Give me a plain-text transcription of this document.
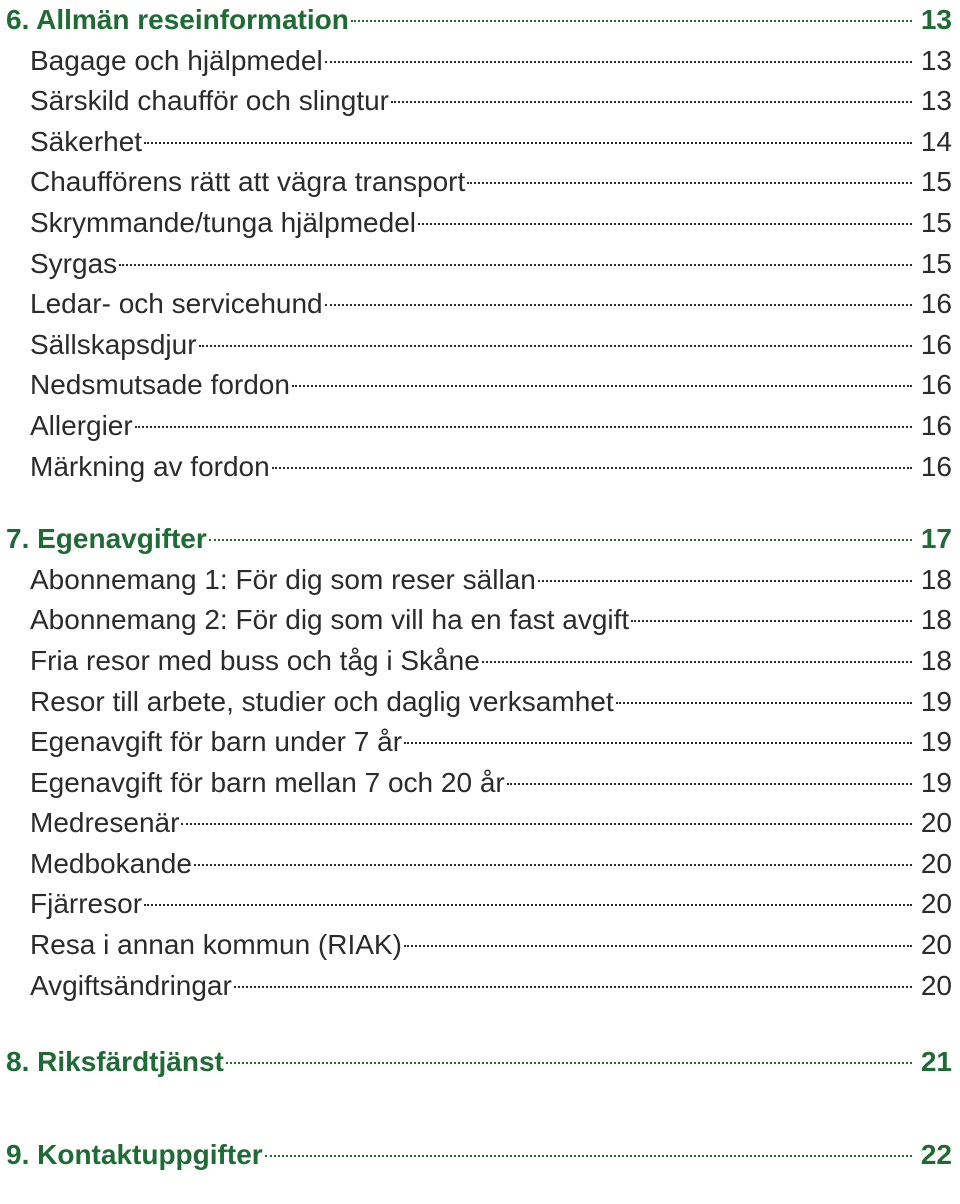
6. Allmän reseinformation	13
Bagage och hjälpmedel	13
Särskild chaufför och slingtur	13
Säkerhet	14
Chaufförens rätt att vägra transport	15
Skrymmande/tunga hjälpmedel	15
Syrgas	15
Ledar- och servicehund	16
Sällskapsdjur	16
Nedsmutsade fordon	16
Allergier	16
Märkning av fordon	16
7. Egenavgifter	17
Abonnemang 1: För dig som reser sällan	18
Abonnemang 2: För dig som vill ha en fast avgift	18
Fria resor med buss och tåg i Skåne	18
Resor till arbete, studier och daglig verksamhet	19
Egenavgift för barn under 7 år	19
Egenavgift för barn mellan 7 och 20 år	19
Medresenär	20
Medbokande	20
Fjärresor	20
Resa i annan kommun (RIAK)	20
Avgiftsändringar	20
8. Riksfärdtjänst	21
9. Kontaktuppgifter	22
